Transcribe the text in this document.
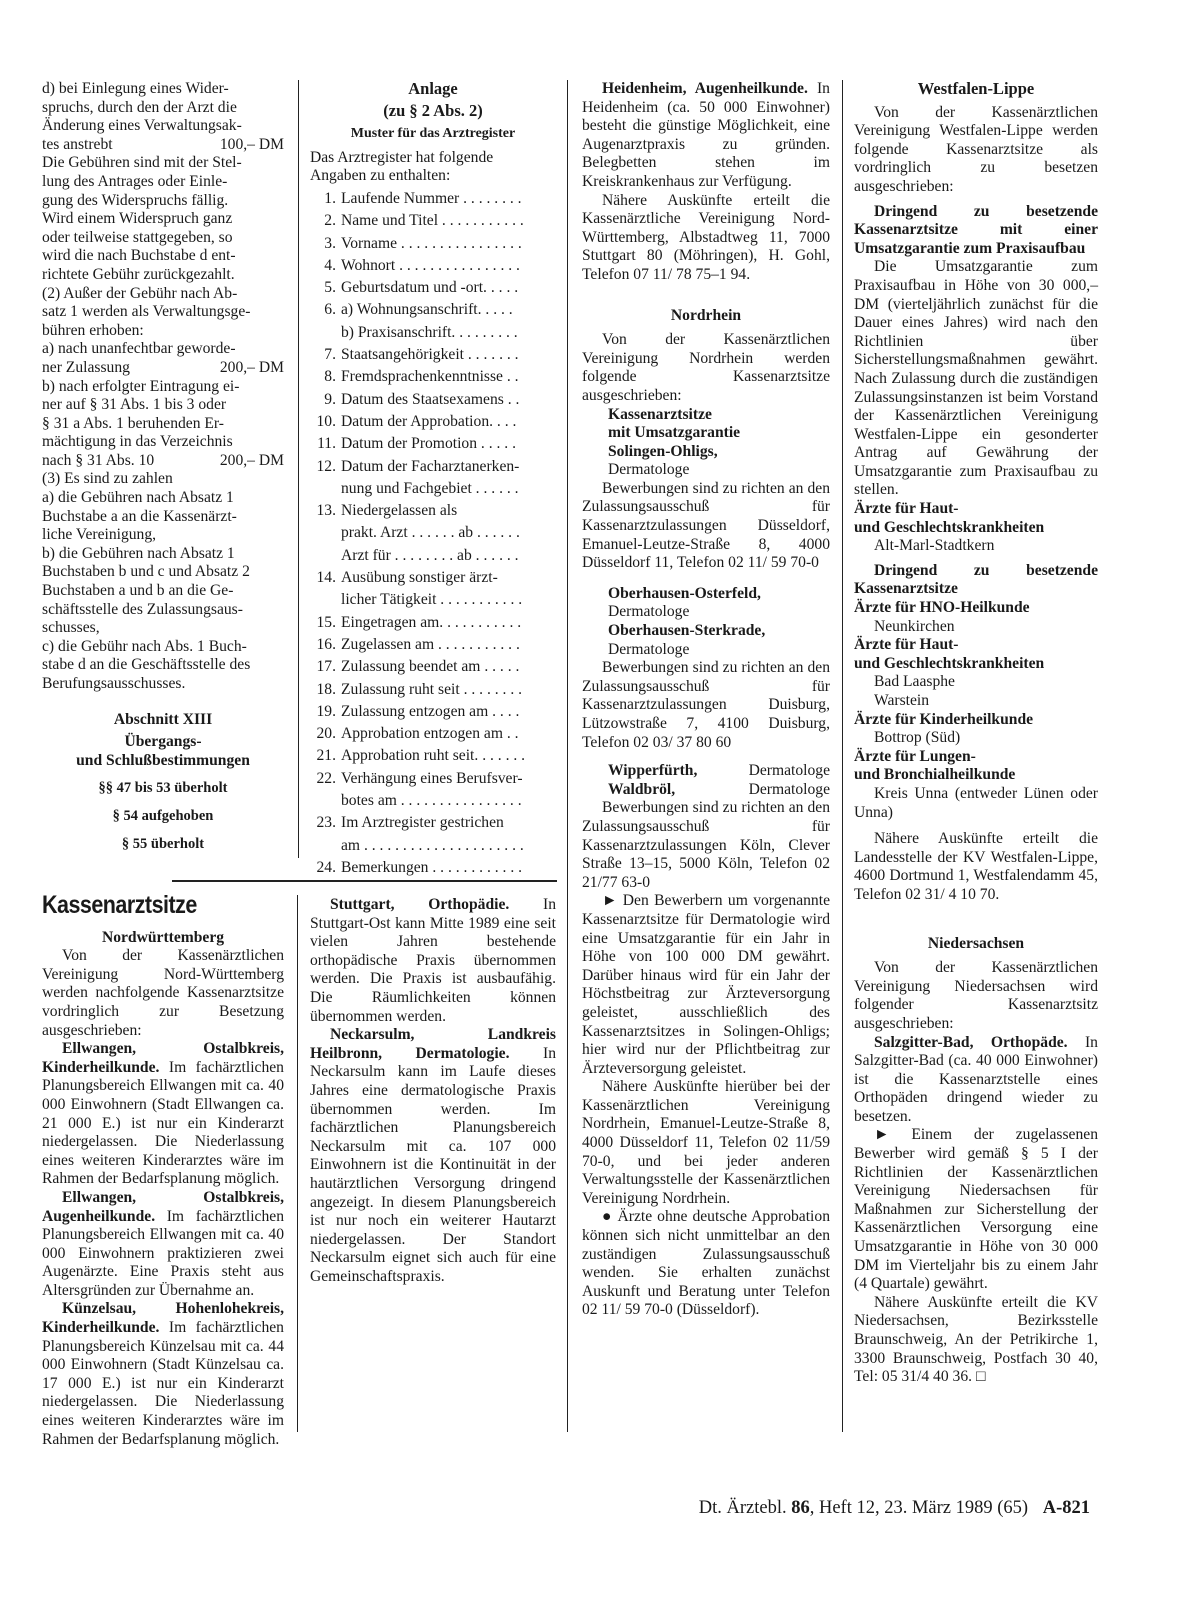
d) bei Einlegung eines Wider-

spruchs, durch den der Arzt die

Änderung eines Verwaltungsak-

tes anstrebt	100,– DM

Die Gebühren sind mit der Stel-

lung des Antrages oder Einle-

gung des Widerspruchs fällig.

Wird einem Widerspruch ganz

oder teilweise stattgegeben, so

wird die nach Buchstabe d ent-

richtete Gebühr zurückgezahlt.

(2) Außer der Gebühr nach Ab-

satz 1 werden als Verwaltungsge-

bühren erhoben:

a) nach unanfechtbar geworde-

ner Zulassung	200,– DM

b) nach erfolgter Eintragung ei-

ner auf § 31 Abs. 1 bis 3 oder

§ 31 a Abs. 1 beruhenden Er-

mächtigung in das Verzeichnis

nach § 31 Abs. 10	200,– DM

(3) Es sind zu zahlen

a) die Gebühren nach Absatz 1

Buchstabe a an die Kassenärzt-

liche Vereinigung,

b) die Gebühren nach Absatz 1

Buchstaben b und c und Absatz 2

Buchstaben a und b an die Ge-

schäftsstelle des Zulassungsaus-

schusses,

c) die Gebühr nach Abs. 1 Buch-

stabe d an die Geschäftsstelle des

Berufungsausschusses.

Abschnitt XIII

Übergangs-

und Schlußbestimmungen

§§ 47 bis 53 überholt

§ 54 aufgehoben

§ 55 überholt

Anlage

(zu § 2 Abs. 2)

Muster für das Arztregister

Das Arztregister hat folgende

Angaben zu enthalten:

1. Laufende Nummer . . . . . . . .
2. Name und Titel . . . . . . . . . . .
3. Vorname . . . . . . . . . . . . . . . .
4. Wohnort . . . . . . . . . . . . . . . .
5. Geburtsdatum und -ort. . . . .
6. a) Wohnungsanschrift. . . . .
b) Praxisanschrift. . . . . . . . .
7. Staatsangehörigkeit . . . . . . .
8. Fremdsprachenkenntnisse . .
9. Datum des Staatsexamens . .
10. Datum der Approbation. . . .
11. Datum der Promotion . . . . .
12. Datum der Facharztanerken-
nung und Fachgebiet . . . . . .
13. Niedergelassen als
prakt. Arzt . . . . . . ab . . . . . .
Arzt für . . . . . . . . ab . . . . . .
14. Ausübung sonstiger ärzt-
licher Tätigkeit . . . . . . . . . . .
15. Eingetragen am. . . . . . . . . . .
16. Zugelassen am . . . . . . . . . . .
17. Zulassung beendet am . . . . .
18. Zulassung ruht seit . . . . . . . .
19. Zulassung entzogen am . . . .
20. Approbation entzogen am . .
21. Approbation ruht seit. . . . . . .
22. Verhängung eines Berufsver-
botes am . . . . . . . . . . . . . . . .
23. Im Arztregister gestrichen
am . . . . . . . . . . . . . . . . . . . . .
24. Bemerkungen . . . . . . . . . . . .
Kassenarztsitze

Nordwürttemberg

Von der Kassenärztlichen Vereinigung Nord-Württemberg werden nachfolgende Kassenarztsitze vordringlich zur Besetzung ausgeschrieben:

Ellwangen, Ostalbkreis, Kinderheilkunde. Im fachärztlichen Planungsbereich Ellwangen mit ca. 40 000 Einwohnern (Stadt Ellwangen ca. 21 000 E.) ist nur ein Kinderarzt niedergelassen. Die Niederlassung eines weiteren Kinderarztes wäre im Rahmen der Bedarfsplanung möglich.

Ellwangen, Ostalbkreis, Augenheilkunde. Im fachärztlichen Planungsbereich Ellwangen mit ca. 40 000 Einwohnern praktizieren zwei Augenärzte. Eine Praxis steht aus Altersgründen zur Übernahme an.

Künzelsau, Hohenlohekreis, Kinderheilkunde. Im fachärztlichen Planungsbereich Künzelsau mit ca. 44 000 Einwohnern (Stadt Künzelsau ca. 17 000 E.) ist nur ein Kinderarzt niedergelassen. Die Niederlassung eines weiteren Kinderarztes wäre im Rahmen der Bedarfsplanung möglich.

Stuttgart, Orthopädie. In Stuttgart-Ost kann Mitte 1989 eine seit vielen Jahren bestehende orthopädische Praxis übernommen werden. Die Praxis ist ausbaufähig. Die Räumlichkeiten können übernommen werden.

Neckarsulm, Landkreis Heilbronn, Dermatologie. In Neckarsulm kann im Laufe dieses Jahres eine dermatologische Praxis übernommen werden. Im fachärztlichen Planungsbereich Neckarsulm mit ca. 107 000 Einwohnern ist die Kontinuität in der hautärztlichen Versorgung dringend angezeigt. In diesem Planungsbereich ist nur noch ein weiterer Hautarzt niedergelassen. Der Standort Neckarsulm eignet sich auch für eine Gemeinschaftspraxis.

Heidenheim, Augenheilkunde. In Heidenheim (ca. 50 000 Einwohner) besteht die günstige Möglichkeit, eine Augenarztpraxis zu gründen. Belegbetten stehen im Kreiskrankenhaus zur Verfügung.

Nähere Auskünfte erteilt die Kassenärztliche Vereinigung Nord-Württemberg, Albstadtweg 11, 7000 Stuttgart 80 (Möhringen), H. Gohl, Telefon 07 11/ 78 75–1 94.

Nordrhein

Von der Kassenärztlichen Vereinigung Nordrhein werden folgende Kassenarztsitze ausgeschrieben:

Kassenarztsitze

mit Umsatzgarantie

Solingen-Ohligs,

Dermatologe

Bewerbungen sind zu richten an den Zulassungsausschuß für Kassenarztzulassungen Düsseldorf, Emanuel-Leutze-Straße 8, 4000 Düsseldorf 11, Telefon 02 11/ 59 70-0

Oberhausen-Osterfeld,

Dermatologe

Oberhausen-Sterkrade,

Dermatologe

Bewerbungen sind zu richten an den Zulassungsausschuß für Kassenarztzulassungen Duisburg, Lützowstraße 7, 4100 Duisburg, Telefon 02 03/ 37 80 60

Wipperfürth,	Dermatologe
Waldbröl,	Dermatologe

Bewerbungen sind zu richten an den Zulassungsausschuß für Kassenarztzulassungen Köln, Clever Straße 13–15, 5000 Köln, Telefon 02 21/77 63-0

► Den Bewerbern um vorgenannte Kassenarztsitze für Dermatologie wird eine Umsatzgarantie für ein Jahr in Höhe von 100 000 DM gewährt. Darüber hinaus wird für ein Jahr der Höchstbeitrag zur Ärzteversorgung geleistet, ausschließlich des Kassenarztsitzes in Solingen-Ohligs; hier wird nur der Pflichtbeitrag zur Ärzteversorgung geleistet.

Nähere Auskünfte hierüber bei der Kassenärztlichen Vereinigung Nordrhein, Emanuel-Leutze-Straße 8, 4000 Düsseldorf 11, Telefon 02 11/59 70-0, und bei jeder anderen Verwaltungsstelle der Kassenärztlichen Vereinigung Nordrhein.

● Ärzte ohne deutsche Approbation können sich nicht unmittelbar an den zuständigen Zulassungsausschuß wenden. Sie erhalten zunächst Auskunft und Beratung unter Telefon 02 11/ 59 70-0 (Düsseldorf).

Westfalen-Lippe

Von der Kassenärztlichen Vereinigung Westfalen-Lippe werden folgende Kassenarztsitze als vordringlich zu besetzen ausgeschrieben:

Dringend zu besetzende Kassenarztsitze mit einer Umsatzgarantie zum Praxisaufbau

Die Umsatzgarantie zum Praxisaufbau in Höhe von 30 000,– DM (vierteljährlich zunächst für die Dauer eines Jahres) wird nach den Richtlinien über Sicherstellungsmaßnahmen gewährt. Nach Zulassung durch die zuständigen Zulassungsinstanzen ist beim Vorstand der Kassenärztlichen Vereinigung Westfalen-Lippe ein gesonderter Antrag auf Gewährung der Umsatzgarantie zum Praxisaufbau zu stellen.

Ärzte für Haut-

und Geschlechtskrankheiten

Alt-Marl-Stadtkern

Dringend zu besetzende Kassenarztsitze

Ärzte für HNO-Heilkunde

Neunkirchen

Ärzte für Haut-

und Geschlechtskrankheiten

Bad Laasphe

Warstein

Ärzte für Kinderheilkunde

Bottrop (Süd)

Ärzte für Lungen-

und Bronchialheilkunde

Kreis Unna (entweder Lünen oder Unna)

Nähere Auskünfte erteilt die Landesstelle der KV Westfalen-Lippe, 4600 Dortmund 1, Westfalendamm 45, Telefon 02 31/ 4 10 70.

Niedersachsen

Von der Kassenärztlichen Vereinigung Niedersachsen wird folgender Kassenarztsitz ausgeschrieben:

Salzgitter-Bad, Orthopäde. In Salzgitter-Bad (ca. 40 000 Einwohner) ist die Kassenarztstelle eines Orthopäden dringend wieder zu besetzen.

► Einem der zugelassenen Bewerber wird gemäß § 5 I der Richtlinien der Kassenärztlichen Vereinigung Niedersachsen für Maßnahmen zur Sicherstellung der Kassenärztlichen Versorgung eine Umsatzgarantie in Höhe von 30 000 DM im Vierteljahr bis zu einem Jahr (4 Quartale) gewährt.

Nähere Auskünfte erteilt die KV Niedersachsen, Bezirksstelle Braunschweig, An der Petrikirche 1, 3300 Braunschweig, Postfach 30 40, Tel: 05 31/4 40 36. □

Dt. Ärztebl. 86, Heft 12, 23. März 1989 (65) A-821
